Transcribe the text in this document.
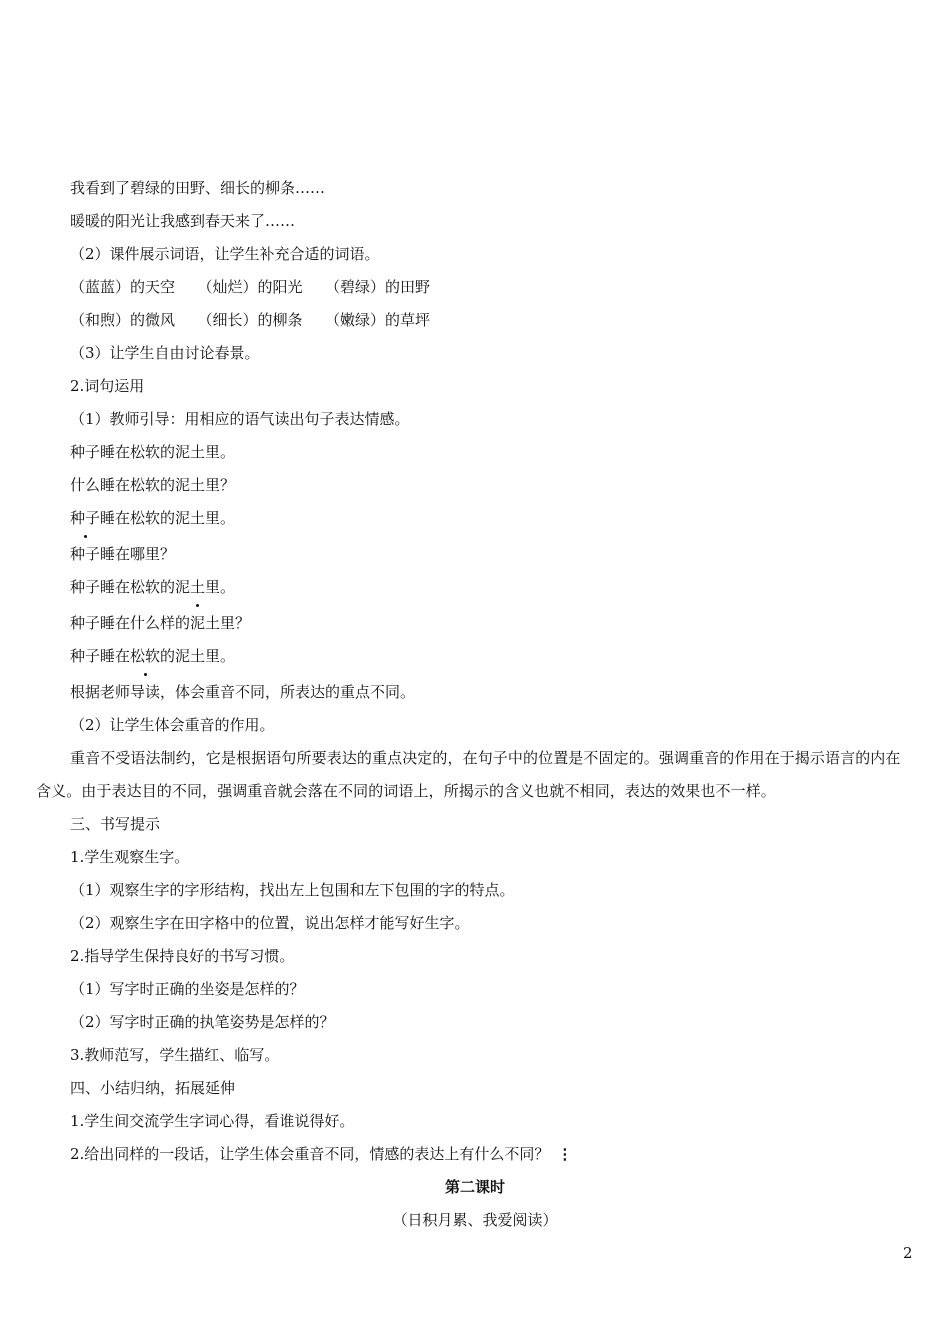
我看到了碧绿的田野、细长的柳条……

暖暖的阳光让我感到春天来了……

（2）课件展示词语，让学生补充合适的词语。

（蓝蓝）的天空   （灿烂）的阳光   （碧绿）的田野

（和煦）的微风   （细长）的柳条   （嫩绿）的草坪

（3）让学生自由讨论春景。

2.词句运用

（1）教师引导：用相应的语气读出句子表达情感。

种子睡在松软的泥土里。

什么睡在松软的泥土里？

种子睡在松软的泥土里。

种子睡在哪里？

种子睡在松软的泥土里。

种子睡在什么样的泥土里？

种子睡在松软的泥土里。

根据老师导读，体会重音不同，所表达的重点不同。

（2）让学生体会重音的作用。

重音不受语法制约，它是根据语句所要表达的重点决定的，在句子中的位置是不固定的。强调重音的作用在于揭示语言的内在含义。由于表达目的不同，强调重音就会落在不同的词语上，所揭示的含义也就不相同，表达的效果也不一样。

三、书写提示

1.学生观察生字。

（1）观察生字的字形结构，找出左上包围和左下包围的字的特点。

（2）观察生字在田字格中的位置，说出怎样才能写好生字。

2.指导学生保持良好的书写习惯。

（1）写字时正确的坐姿是怎样的？

（2）写字时正确的执笔姿势是怎样的？

3.教师范写，学生描红、临写。

四、小结归纳，拓展延伸

1.学生间交流学生字词心得，看谁说得好。

2.给出同样的一段话，让学生体会重音不同，情感的表达上有什么不同？ ⋮

第二课时

（日积月累、我爱阅读）

2
